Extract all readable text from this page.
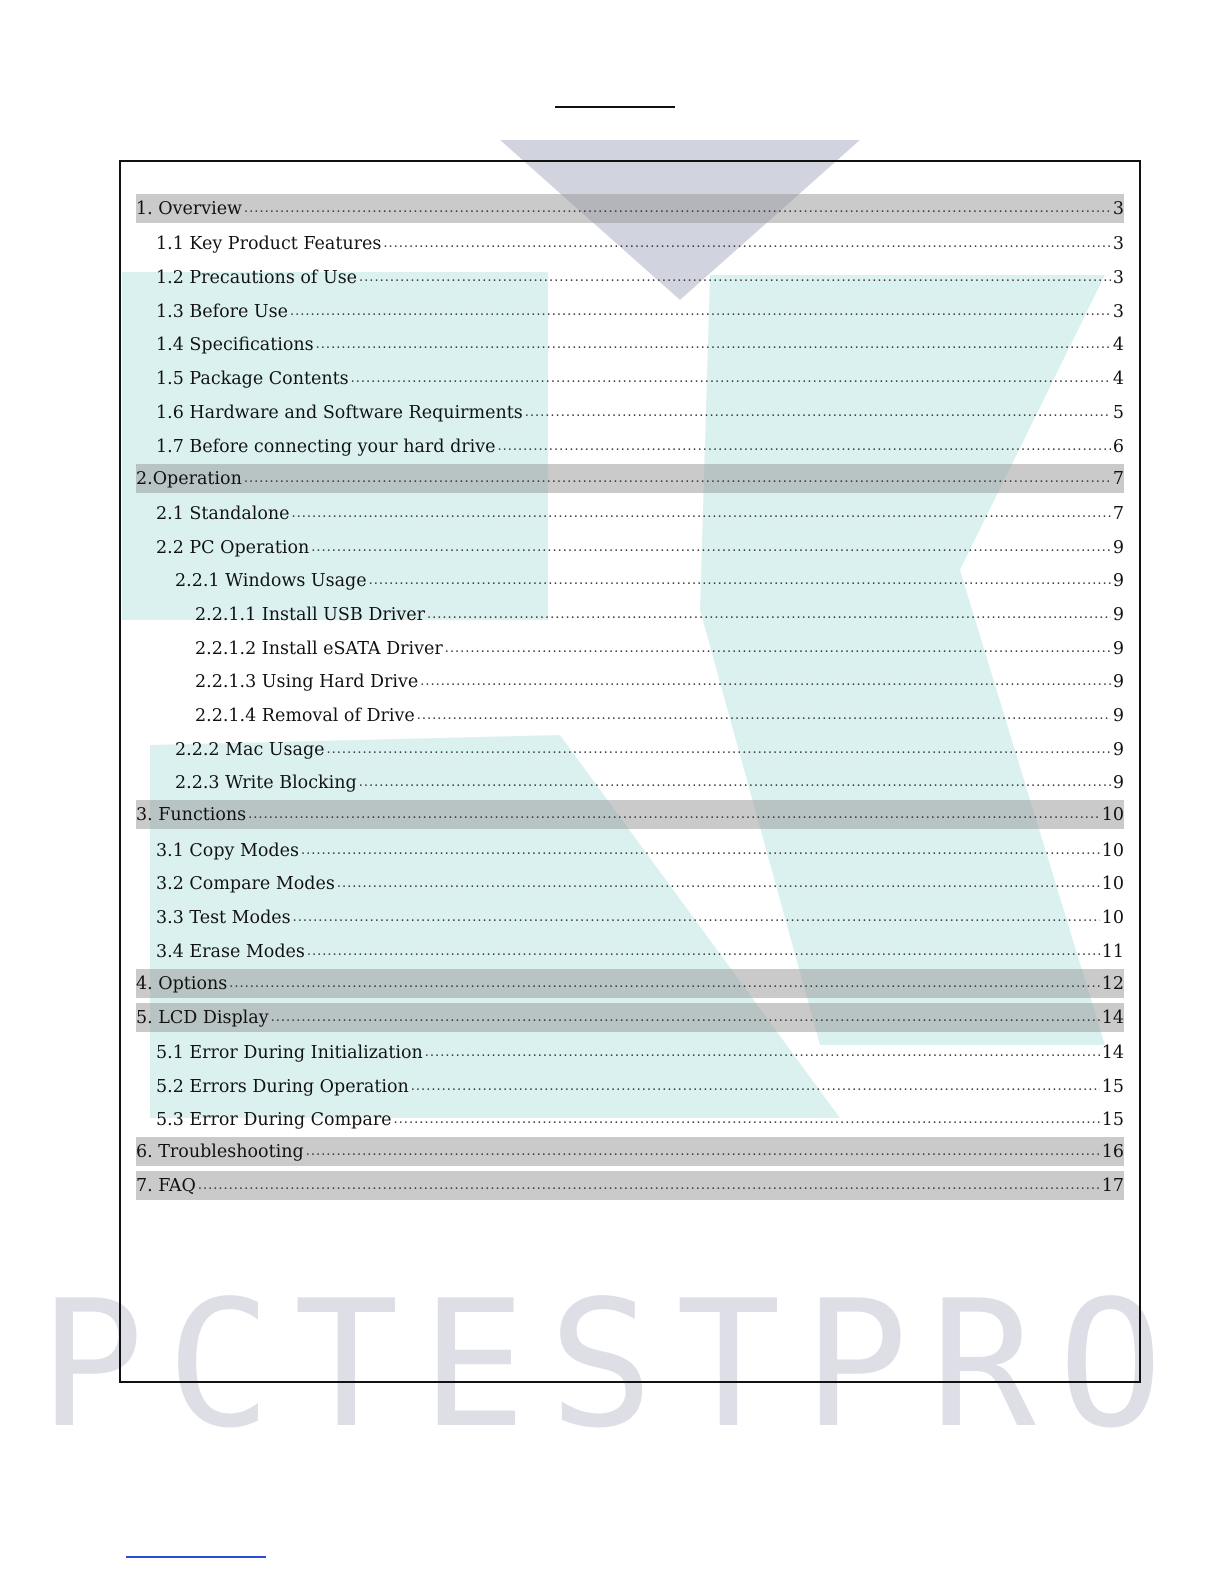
PCTESTPRO
1. Overview .....	3
1.1 Key Product Features .....	3
1.2 Precautions of Use .....	3
1.3 Before Use .....	3
1.4 Specifications .....	4
1.5 Package Contents .....	4
1.6 Hardware and Software Requirments .....	5
1.7 Before connecting your hard drive .....	6
2.Operation .....	7
2.1 Standalone .....	7
2.2 PC Operation .....	9
2.2.1 Windows Usage .....	9
2.2.1.1 Install USB Driver .....	9
2.2.1.2 Install eSATA Driver .....	9
2.2.1.3 Using Hard Drive .....	9
2.2.1.4 Removal of Drive .....	9
2.2.2 Mac Usage .....	9
2.2.3 Write Blocking .....	9
3. Functions .....	10
3.1 Copy Modes .....	10
3.2 Compare Modes .....	10
3.3 Test Modes .....	10
3.4 Erase Modes .....	11
4. Options .....	12
5. LCD Display .....	14
5.1 Error During Initialization .....	14
5.2 Errors During Operation .....	15
5.3 Error During Compare .....	15
6. Troubleshooting .....	16
7. FAQ .....	17
